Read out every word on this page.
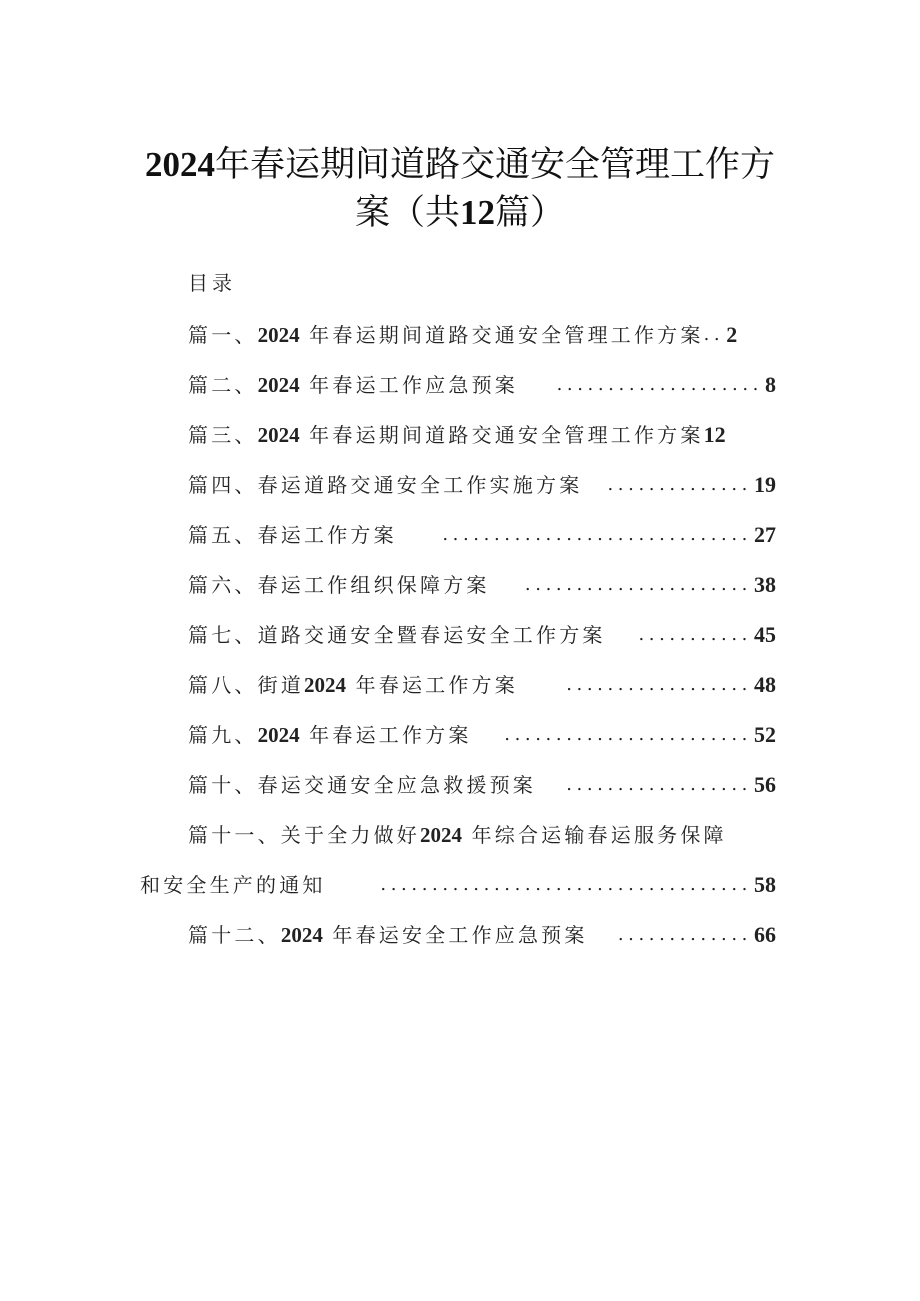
2024年春运期间道路交通安全管理工作方
案（共12篇）
目录
篇一、2024 年春运期间道路交通安全管理工作方案 .. 2
篇二、2024 年春运工作应急预案	.................... 8
篇三、2024 年春运期间道路交通安全管理工作方案 12
篇四、春运道路交通安全工作实施方案	.............. 19
篇五、春运工作方案	.............................. 27
篇六、春运工作组织保障方案	...................... 38
篇七、道路交通安全暨春运安全工作方案	........... 45
篇八、街道2024 年春运工作方案	.................. 48
篇九、2024 年春运工作方案	........................ 52
篇十、春运交通安全应急救援预案	.................. 56
篇十一、关于全力做好2024 年综合运输春运服务保障
和安全生产的通知	.................................... 58
篇十二、2024 年春运安全工作应急预案	............. 66
